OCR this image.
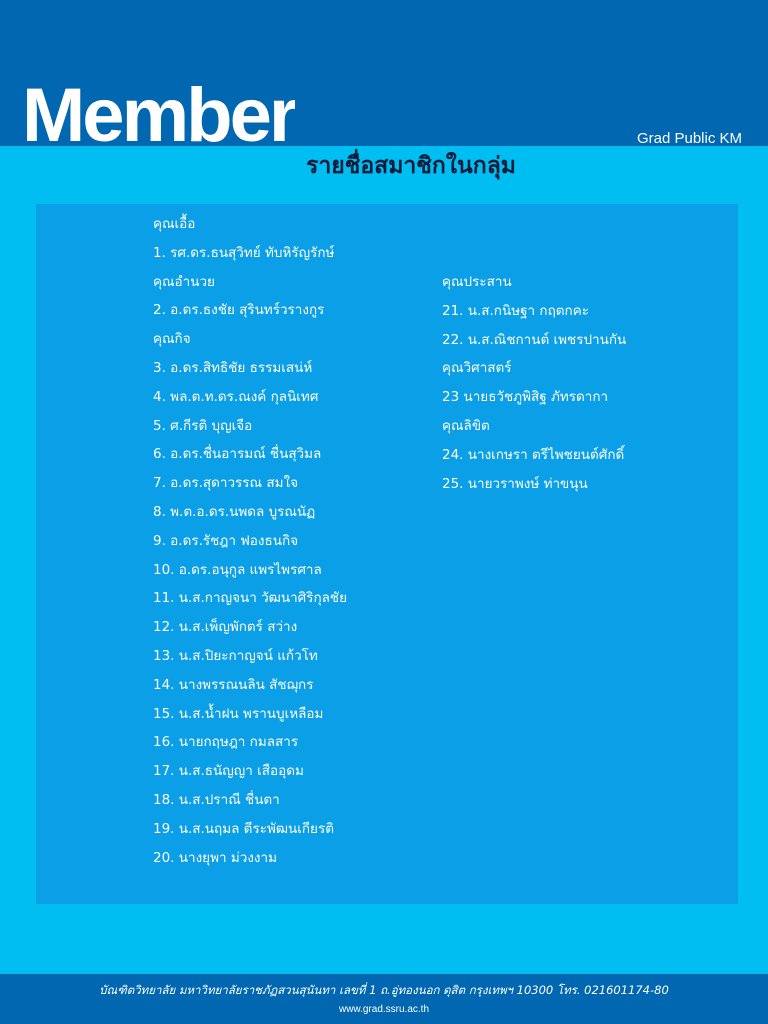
Member	Grad Public KM
รายชื่อสมาชิกในกลุ่ม
คุณเอื้อ
1. รศ.ดร.ธนสุวิทย์ ทับหิรัญรักษ์
คุณอำนวย
2. อ.ดร.ธงชัย สุรินทร์วรางกูร
คุณกิจ
3. อ.ดร.สิทธิชัย ธรรมเสน่ห์
4. พล.ต.ท.ดร.ณงค์ กุลนิเทศ
5. ศ.กีรติ บุญเจือ
6. อ.ดร.ชื่นอารมณ์ ชื่นสุวิมล
7. อ.ดร.สุดาวรรณ สมใจ
8. พ.ต.อ.ดร.นพดล บูรณนัฏ
9. อ.ดร.รัชฎา ฟองธนกิจ
10. อ.ดร.อนุกูล แพรไพรศาล
11. น.ส.กาญจนา วัฒนาศิริกุลชัย
12. น.ส.เพ็ญพักตร์ สว่าง
13. น.ส.ปิยะกาญจน์ แก้วโท
14. นางพรรณนลิน สัชฌุกร
15. น.ส.น้ำฝน พรานบูเหลือม
16. นายกฤษฎา กมลสาร
17. น.ส.ธนัญญา เสืออุดม
18. น.ส.ปราณี ชื่นตา
19. น.ส.นฤมล ตีระพัฒนเกียรติ
20. นางยุพา ม่วงงาม
คุณประสาน
21. น.ส.กนิษฐา กฤตกคะ
22. น.ส.ณิชกานต์ เพชรปานกัน
คุณวิศาสตร์
23 นายธวัชภูพิสิฐ ภัทรดากา
คุณลิขิต
24. นางเกษรา ตรีไพชยนต์ศักดิ์
25. นายวราพงษ์ ท่าขนุน
บัณฑิตวิทยาลัย มหาวิทยาลัยราชภัฏสวนสุนันทา เลขที่ 1 ถ.อู่ทองนอก ดุสิต กรุงเทพฯ 10300 โทร. 021601174-80
www.grad.ssru.ac.th
